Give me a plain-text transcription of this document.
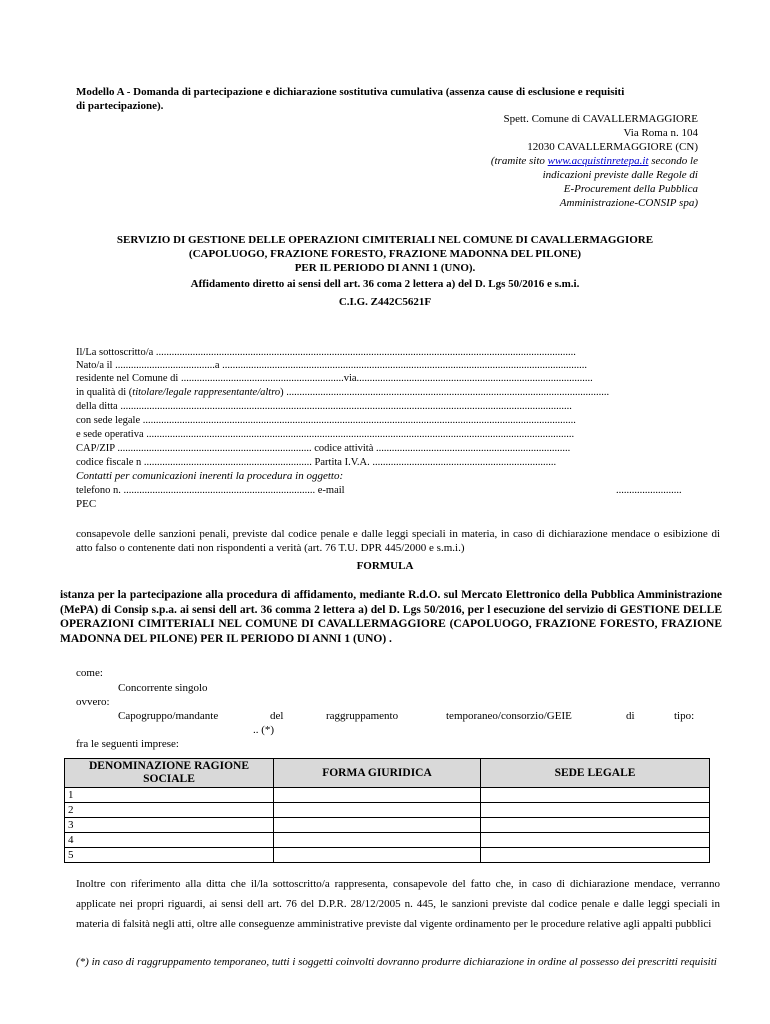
Modello A - Domanda di partecipazione e dichiarazione sostitutiva cumulativa (assenza cause di esclusione e requisiti
di partecipazione).
Spett. Comune di CAVALLERMAGGIORE
Via Roma n. 104
12030 CAVALLERMAGGIORE (CN)
(tramite sito www.acquistinretepa.it secondo le
indicazioni previste dalle Regole di
E-Procurement della Pubblica
Amministrazione-CONSIP spa)
SERVIZIO DI GESTIONE DELLE OPERAZIONI CIMITERIALI NEL COMUNE DI CAVALLERMAGGIORE
(CAPOLUOGO, FRAZIONE FORESTO, FRAZIONE MADONNA DEL PILONE)
PER IL PERIODO DI ANNI 1 (UNO).
Affidamento diretto ai sensi dell art. 36 coma 2 lettera a) del D. Lgs 50/2016 e s.m.i.
C.I.G. Z442C5621F
Il/La sottoscritto/a ................................................................................................................................................................
Nato/a il ......................................a ...........................................................................................................................................
residente nel Comune di ..............................................................via..........................................................................................
in qualità di (titolare/legale rappresentante/altro) ...........................................................................................................................
della ditta ............................................................................................................................................................................
con sede legale .....................................................................................................................................................................
e sede operativa ...................................................................................................................................................................
CAP/ZIP .......................................................................... codice attività ..........................................................................
codice fiscale n ................................................................ Partita I.V.A. ......................................................................
Contatti per comunicazioni inerenti la procedura in oggetto:
telefono n. ......................................................................... e-mail	.........................
PEC
consapevole delle sanzioni penali, previste dal codice penale e dalle leggi speciali in materia, in caso di dichiarazione mendace o esibizione di atto falso o contenente dati non rispondenti a verità (art. 76 T.U. DPR 445/2000 e s.m.i.)
FORMULA
istanza per la partecipazione alla procedura di affidamento, mediante R.d.O. sul Mercato Elettronico della Pubblica Amministrazione (MePA) di Consip s.p.a. ai sensi dell art. 36 comma 2 lettera a) del D. Lgs 50/2016, per l esecuzione del servizio di GESTIONE DELLE OPERAZIONI CIMITERIALI NEL COMUNE DI CAVALLERMAGGIORE (CAPOLUOGO, FRAZIONE FORESTO, FRAZIONE MADONNA DEL PILONE) PER IL PERIODO DI ANNI 1 (UNO) .
come:
Concorrente singolo
ovvero:
Capogruppo/mandante	del	raggruppamento	temporaneo/consorzio/GEIE	di	tipo:
.. (*)
fra le seguenti imprese:
DENOMINAZIONE RAGIONE SOCIALE	FORMA GIURIDICA	SEDE LEGALE
1		
2		
3		
4		
5		
Inoltre con riferimento alla ditta che il/la sottoscritto/a rappresenta, consapevole del fatto che, in caso di dichiarazione mendace, verranno applicate nei propri riguardi, ai sensi dell art. 76 del D.P.R. 28/12/2005 n. 445, le sanzioni previste dal codice penale e dalle leggi speciali in materia di falsità negli atti, oltre alle conseguenze amministrative previste dal vigente ordinamento per le procedure relative agli appalti pubblici
(*) in caso di raggruppamento temporaneo, tutti i soggetti coinvolti dovranno produrre dichiarazione in ordine al possesso dei prescritti requisiti
